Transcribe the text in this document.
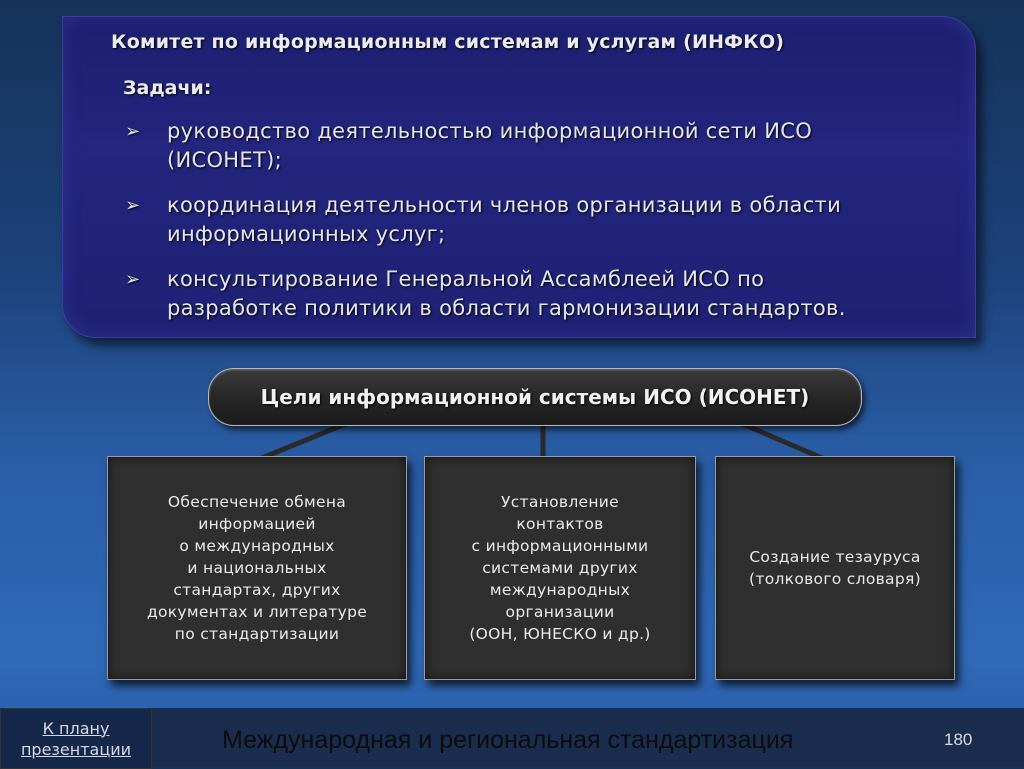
Комитет по информационным системам и услугам (ИНФКО)
Задачи:
➢ руководство деятельностью информационной сети ИСО
(ИСОНЕТ);
➢ координация деятельности членов организации в области
информационных услуг;
➢ консультирование Генеральной Ассамблеей ИСО по
разработке политики в области гармонизации стандартов.
Цели информационной системы ИСО (ИСОНЕТ)
Обеспечение обмена
информацией
о международных
и национальных
стандартах, других
документах и литературе
по стандартизации
Установление
контактов
с информационными
системами других
международных
организации
(ООН, ЮНЕСКО и др.)
Создание тезауруса
(толкового словаря)
К плану
презентации	Международная и региональная стандартизация	180
